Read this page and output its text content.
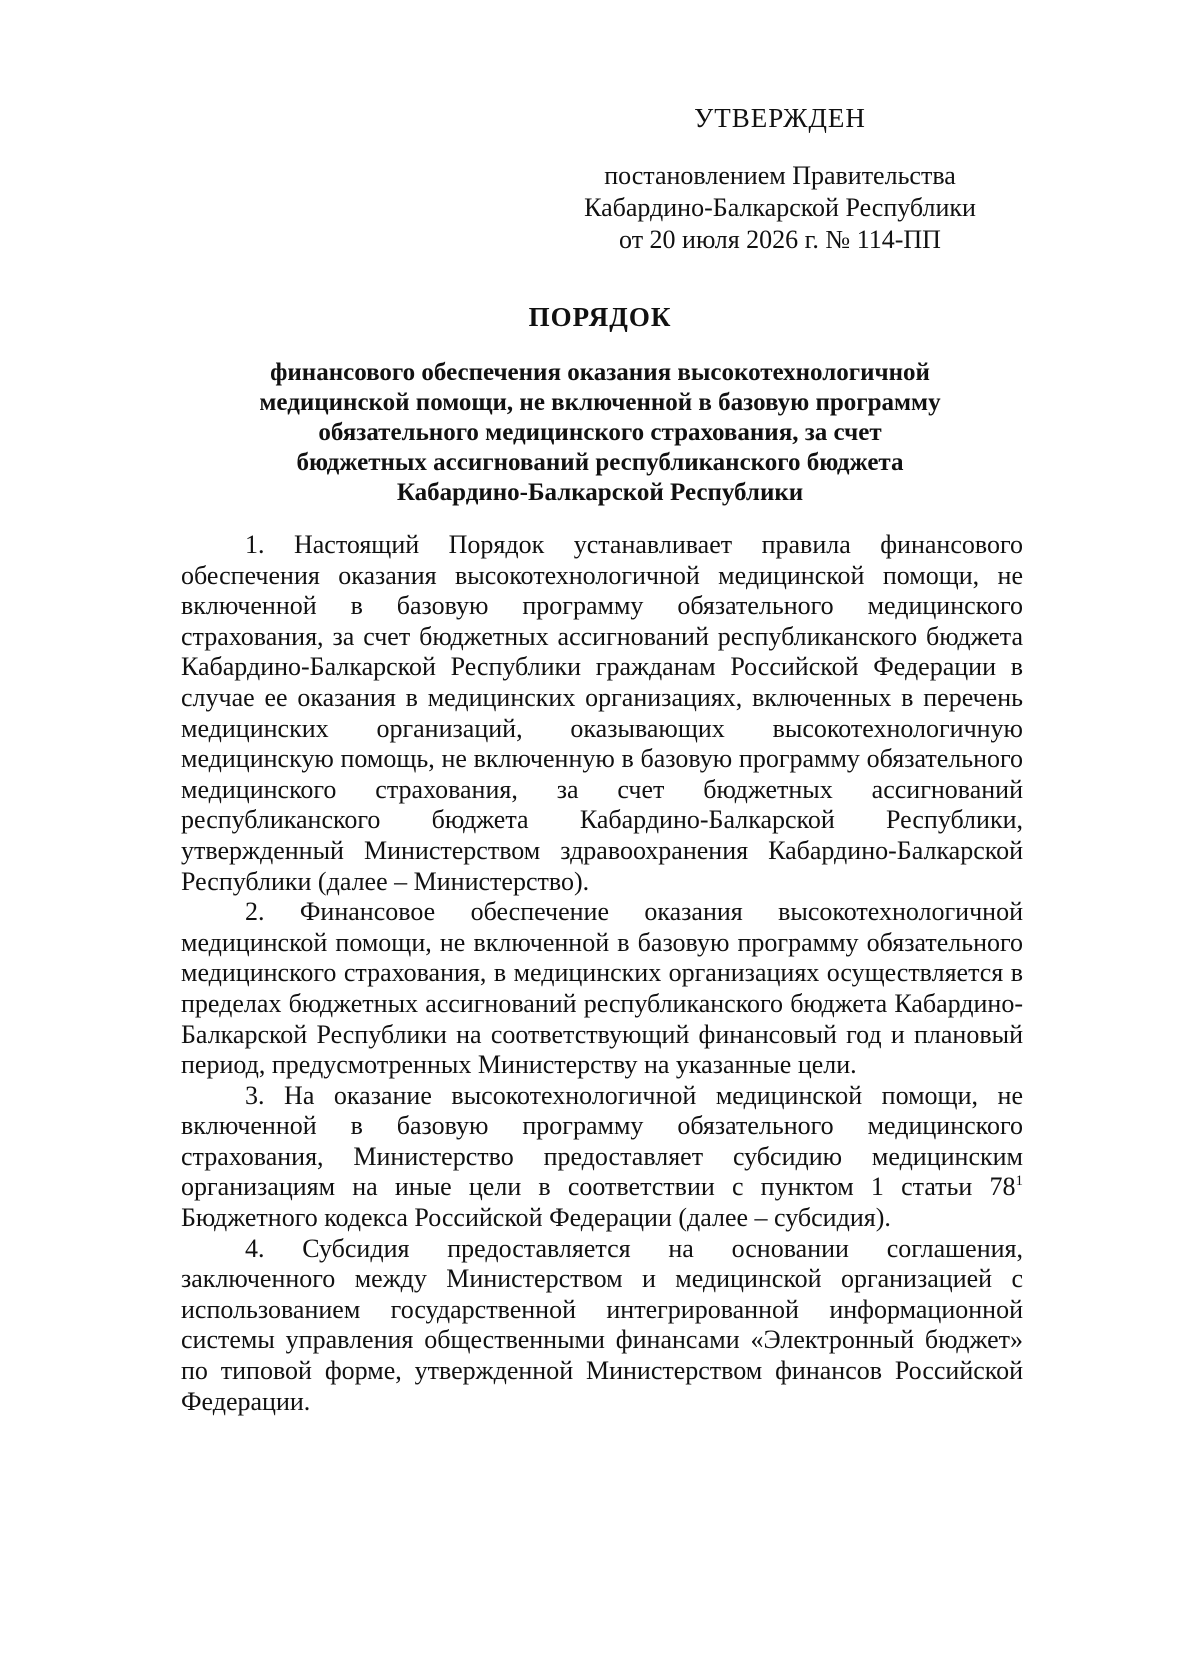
УТВЕРЖДЕН
постановлением Правительства
Кабардино-Балкарской Республики
от 20 июля 2026 г. № 114-ПП
ПОРЯДОК
финансового обеспечения оказания высокотехнологичной
медицинской помощи, не включенной в базовую программу
обязательного медицинского страхования, за счет
бюджетных ассигнований республиканского бюджета
Кабардино-Балкарской Республики

1. Настоящий Порядок устанавливает правила финансового обеспечения оказания высокотехнологичной медицинской помощи, не включенной в базовую программу обязательного медицинского страхования, за счет бюджетных ассигнований республиканского бюджета Кабардино-Балкарской Республики гражданам Российской Федерации в случае ее оказания в медицинских организациях, включенных в перечень медицинских организаций, оказывающих высокотехнологичную медицинскую помощь, не включенную в базовую программу обязательного медицинского страхования, за счет бюджетных ассигнований республиканского бюджета Кабардино-Балкарской Республики, утвержденный Министерством здравоохранения Кабардино-Балкарской Республики (далее – Министерство).

2. Финансовое обеспечение оказания высокотехнологичной медицинской помощи, не включенной в базовую программу обязательного медицинского страхования, в медицинских организациях осуществляется в пределах бюджетных ассигнований республиканского бюджета Кабардино-Балкарской Республики на соответствующий финансовый год и плановый период, предусмотренных Министерству на указанные цели.

3. На оказание высокотехнологичной медицинской помощи, не включенной в базовую программу обязательного медицинского страхования, Министерство предоставляет субсидию медицинским организациям на иные цели в соответствии с пунктом 1 статьи $78^1$ Бюджетного кодекса Российской Федерации (далее – субсидия).

4. Субсидия предоставляется на основании соглашения, заключенного между Министерством и медицинской организацией с использованием государственной интегрированной информационной системы управления общественными финансами «Электронный бюджет» по типовой форме, утвержденной Министерством финансов Российской Федерации.
